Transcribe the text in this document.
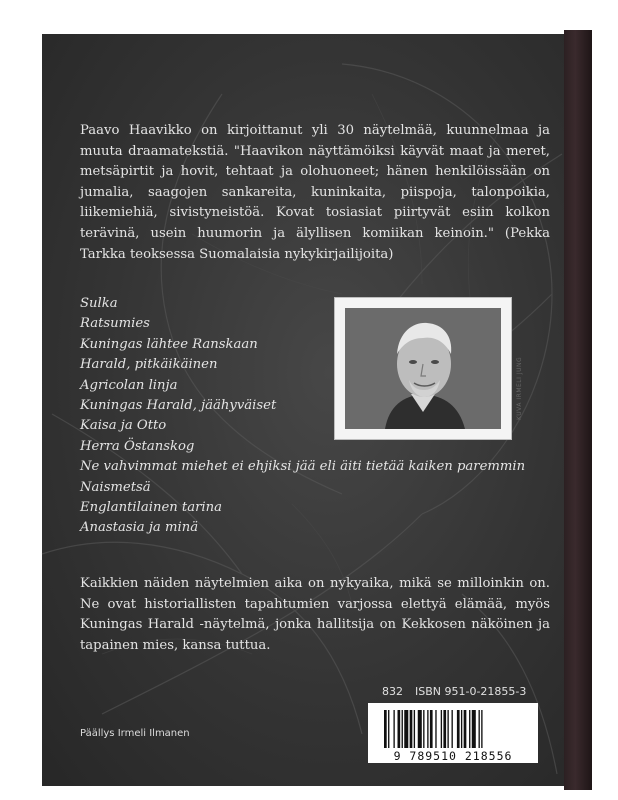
Paavo Haavikko on kirjoittanut yli 30 näytelmää, kuunnelmaa ja muuta draamatekstiä. "Haavikon näyttämöiksi käyvät maat ja meret, metsäpirtit ja hovit, tehtaat ja olohuoneet; hänen henkilöissään on jumalia, saagojen sankareita, kuninkaita, piispoja, talonpoikia, liikemiehiä, sivistyneistöä. Kovat tosiasiat piirtyvät esiin kolkon terävinä, usein huumorin ja älyllisen komiikan keinoin." (Pekka Tarkka teoksessa Suomalaisia nykykirjailijoita)

Sulka
Ratsumies
Kuningas lähtee Ranskaan
Harald, pitkäikäinen
Agricolan linja
Kuningas Harald, jäähyväiset
Kaisa ja Otto
Herra Östanskog
Ne vahvimmat miehet ei ehjiksi jää eli äiti tietää kaiken paremmin
Naismetsä
Englantilainen tarina
Anastasia ja minä
KUVA IRMELI JUNG

Kaikkien näiden näytelmien aika on nykyaika, mikä se milloinkin on. Ne ovat historiallisten tapahtumien varjossa elettyä elämää, myös Kuningas Harald -näytelmä, jonka hallitsija on Kekkosen näköinen ja tapainen mies, kansa tuttua.

832 ISBN 951-0-21855-3
9 789510 218556
Päällys Irmeli Ilmanen
